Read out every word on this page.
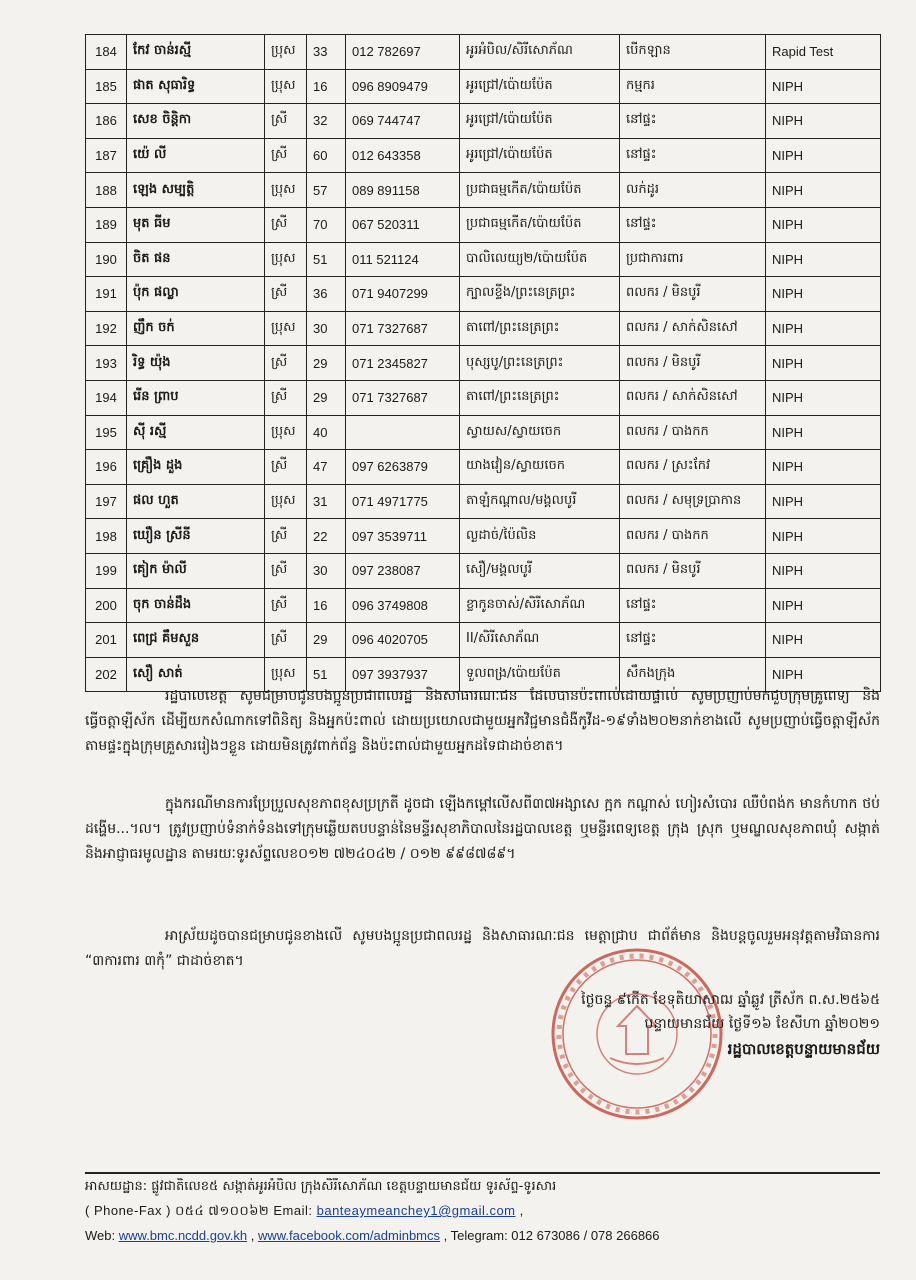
184	កែវ ចាន់រស្មី	ប្រុស	33	012 782697	អូរអំបិល/សិរីសោភ័ណ	បើកឡាន	Rapid Test
185	ផាត សុធារិទ្ធ	ប្រុស	16	096 8909479	អូរជ្រៅ/ប៉ោយប៉ែត	កម្មករ	NIPH
186	សេខ ចិន្ដិកា	ស្រី	32	069 744747	អូរជ្រៅ/ប៉ោយប៉ែត	នៅផ្ទះ	NIPH
187	យ៉េ លី	ស្រី	60	012 643358	អូរជ្រៅ/ប៉ោយប៉ែត	នៅផ្ទះ	NIPH
188	ឡេង សម្បត្តិ	ប្រុស	57	089 891158	ប្រជាធម្មកើត/ប៉ោយប៉ែត	លក់ដូរ	NIPH
189	មុត ធីម	ស្រី	70	067 520311	ប្រជាធម្មកើត/ប៉ោយប៉ែត	នៅផ្ទះ	NIPH
190	ចិត ផន	ប្រុស	51	011 521124	បាលិលេយ្យ២/ប៉ោយប៉ែត	ប្រជាការពារ	NIPH
191	ប៉ុក ផល្លា	ស្រី	36	071 9407299	ក្បាលខ្ទីង/ព្រះនេត្រព្រះ	ពលករ / មិនបូរី	NIPH
192	ញឹក ចក់	ប្រុស	30	071 7327687	តាពៅ/ព្រះនេត្រព្រះ	ពលករ / សាក់សិនសៅ	NIPH
193	រិទ្ធ យ៉ុង	ស្រី	29	071 2345827	បុស្សបូ/ព្រះនេត្រព្រះ	ពលករ / មិនបូរី	NIPH
194	រើន ព្រាប	ស្រី	29	071 7327687	តាពៅ/ព្រះនេត្រព្រះ	ពលករ / សាក់សិនសៅ	NIPH
195	ស៊ី រស្មី	ប្រុស	40		ស្វាយស/ស្វាយចេក	ពលករ / បាងកក	NIPH
196	គ្រឿង ដួង	ស្រី	47	097 6263879	យាងវៀន/ស្វាយចេក	ពលករ / ស្រះកែវ	NIPH
197	ផល ហួត	ប្រុស	31	071 4971775	តាឡំកណ្តាល/មង្គលបូរី	ពលករ / សមុទ្រប្រាកាន	NIPH
198	ឃឿន ស្រីនី	ស្រី	22	097 3539711	ល្ងដាច់/ប៉ៃលិន	ពលករ / បាងកក	NIPH
199	គៀក ម៉ាលី	ស្រី	30	097 238087	សឿ/មង្គលបូរី	ពលករ / មិនបូរី	NIPH
200	ចុក ចាន់ដឹង	ស្រី	16	096 3749808	ខ្លាកូនចាស់/សិរីសោភ័ណ	នៅផ្ទះ	NIPH
201	ពេជ្រ គឹមសួន	ស្រី	29	096 4020705	II/សិរីសោភ័ណ	នៅផ្ទះ	NIPH
202	សឿ សាត់	ប្រុស	51	097 3937937	ទួលពង្រ/ប៉ោយប៉ែត	សឹកងក្រុង	NIPH

រដ្ឋបាលខេត្ត សូមជម្រាបជូនបងប្អូនប្រជាពលរដ្ឋ និងសាធារណៈជន ដែលបានប៉ះពាល់ដោយផ្ទាល់ សូមប្រញាប់មកជួបក្រុមគ្រូពេទ្យ និងធ្វើចត្តាឡីស័ក ដើម្បីយកសំណាកទៅពិនិត្យ និងអ្នកប៉ះពាល់ ដោយប្រយោលជាមួយអ្នកវិជ្ជមានជំងឺកូវីដ-១៩ទាំង២០២នាក់ខាងលើ សូមប្រញាប់ធ្វើចត្តាឡីស័កតាមផ្ទះក្នុងក្រុមគ្រួសាររៀងៗខ្លួន ដោយមិនត្រូវពាក់ព័ន្ធ និងប៉ះពាល់ជាមួយអ្នកដទៃជាដាច់ខាត។

ក្នុងករណីមានការប្រែប្រួលសុខភាពខុសប្រក្រតី ដូចជា ឡើងកម្តៅលើសពី៣៧អង្សាសេ ក្អក កណ្តាស់ ហៀរសំបោរ ឈឺបំពង់ក មានកំហាក ថប់ដង្ហើម...។ល។ ត្រូវប្រញាប់ទំនាក់ទំនងទៅក្រុមឆ្លើយតបបន្ទាន់នៃមន្ទីរសុខាភិបាលនៃរដ្ឋបាលខេត្ត ឬមន្ទីរពេទ្យខេត្ត ក្រុង ស្រុក ឬមណ្ឌលសុខភាពឃុំ សង្កាត់ និងអាជ្ញាធរមូលដ្ឋាន តាមរយៈទូរស័ព្ទលេខ០១២ ៧២៤០៤២ / ០១២ ៩៩៨៧៨៩។

អាស្រ័យដូចបានជម្រាបជូនខាងលើ សូមបងប្អូនប្រជាពលរដ្ឋ និងសាធារណៈជន មេត្តាជ្រាប ជាព័ត៌មាន និងបន្តចូលរួមអនុវត្តតាមវិធានការ “៣ការពារ ៣កុំ” ជាដាច់ខាត។

ថ្ងៃចន្ទ ៩កើត ខែទុតិយាសាឍ ឆ្នាំឆ្លូវ ត្រីស័ក ព.ស.២៥៦៥
បន្ទាយមានជ័យ ថ្ងៃទី១៦ ខែសីហា ឆ្នាំ២០២១
រដ្ឋបាលខេត្តបន្ទាយមានជ័យ
អាសយដ្ឋាន: ផ្លូវជាតិលេខ៥ សង្កាត់អូរអំបិល ក្រុងសិរីសោភ័ណ ខេត្តបន្ទាយមានជ័យ ទូរស័ព្ទ-ទូរសារ
( Phone-Fax ) ០៥៤ ៧១០០៦២ Email: banteaymeanchey1@gmail.com ,
Web: www.bmc.ncdd.gov.kh , www.facebook.com/adminbmcs , Telegram: 012 673086 / 078 266866
